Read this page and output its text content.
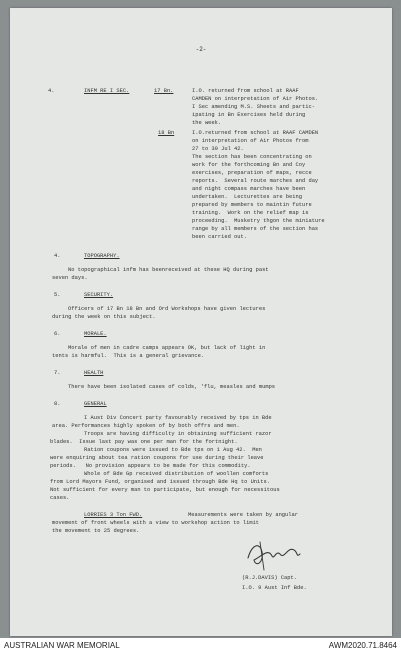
-2-
4.	INFM RE I SEC.	17 Bn.	I.O. returned from school at RAAF
CAMDEN on interpretation of Air Photos.
I Sec amending M.S. Sheets and partic-
ipating in Bn Exercises held during
the week.
18 Bn	I.O.returned from school at RAAF CAMDEN
on interpretation of Air Photos from
27 to 30 Jul 42.
The section has been concentrating on
work for the forthcoming Bn and Coy
exercises, preparation of maps, recce
reports.  Several route marches and day
and night compass marches have been
undertaken.  Lecturettes are being
prepared by members to maintin future
training.  Work on the relief map is
proceeding.  Musketry thgon the miniature
range by all members of the section has
been carried out.
4.	TOPOGRAPHY.
No topographical infm has beenreceived at these HQ during past
seven days.
5.	SECURITY.
Officers of 17 Bn 18 Bn and Ord Workshops have given lectures
during the week on this subject.
6.	MORALE.
Morale of men in cadre camps appears OK, but lack of light in
tents is harmful.  This is a general grievance.
7.	HEALTH
There have been isolated cases of colds, 'flu, measles and mumps
8.	GENERAL
I Aust Div Concert party favourably received by tps in Bde
area. Performances highly spoken of by both offrs and men.
Troops are having difficulty in obtaining sufficient razor
blades.  Issue last pay was one per man for the fortnight.
Ration coupons were issued to Bde tps on 1 Aug 42.  Men
were enquiring about tea ration coupons for use during their leave
periods.   No provision appears to be made for this commodity.
Whole of Bde Gp received distribution of woollen comforts
from Lord Mayors Fund, organised and issued through Bde Hq to Units.
Not sufficient for every man to participate, but enough for necessitous
cases.
LORRIES 3 Ton FWD.	Measurements were taken by angular
movement of front wheels with a view to workshop action to limit
the movement to 25 degrees.
(R.J.DAVIS) Capt.
I.O. 9 Aust Inf Bde.
AUSTRALIAN WAR MEMORIAL	AWM2020.71.8464
